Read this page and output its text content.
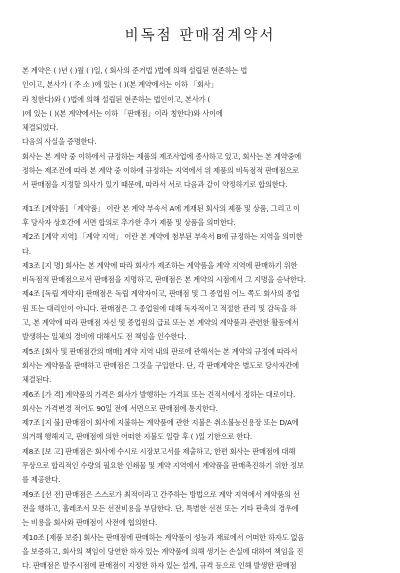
비독점 판매점계약서
본 계약은 ( )년 ( )월 ( )일, ( 회사의 준거법 )법에 의해 설립된 현존하는 법
인이고, 본사가 ( 주 소 )에 있는 ( )(본 계약에서는 이하 「회사」
라 칭한다)와 ( )법에 의해 설립된 현존하는 법인이고, 본사가 (
)에 있는 ( )(본 계약에서는 이하 「판매점」이라 칭한다)와 사이에
체결되었다.
다음의 사실을 증명한다.
회사는 본 계약 중 이하에서 규정하는 제품의 제조사업에 종사하고 있고, 회사는 본 계약중에
정하는 제조건에 따라 본 계약 중 이하에 규정하는 지역에서 위 제품의 비독점적 판매점으로
서 판매점을 지정할 의사가 있기 때문에, 따라서 서로 다음과 같이 약정하기로 합의한다.
제1조 [계약품] 「계약품」 이란 본 계약 부속서 A에 게재된 회사의 제품 및 상품, 그리고 이
후 당사자 상호간에 서면 합의로 추가한 추가 제품 및 상품을 의미한다.
제2조 [계약 지역] 「계약 지역」 이란 본 계약에 첨부된 부속서 B에 규정하는 지역을 의미한
다.
제3조 [지 명] 회사는 본 계약에 따라 회사가 제조하는 계약품을 계약 지역에 판매하기 위한
비독점적 판매점으로서 판매점을 지명하고, 판매점은 본 계약의 시점에서 그 지명을 승낙한다.
제4조 [독립 계약자] 판매점은 독립 계약자이고, 판매점 및 그 종업원 어느 쪽도 회사의 종업
원 또는 대리인이 아니다. 판매점은 그 종업원에 대해 독자적이고 적절한 관리 및 감독을 하
고, 본 계약에 따라 판매점 자신 및 종업원의 급료 또는 본 계약의 계약품과 관련한 활동에서
발생하는 일체의 경비에 대해서도 전 책임을 인수한다.
제5조 [회사 및 판매점간의 매매] 계약 지역 내의 판로에 관해서는 본 계약의 규정에 따라서
회사는 계약품을 판매하고 판매점은 그것을 구입한다. 단, 각 판매계약은 별도로 당사자간에
체결된다.
제6조 [가 격] 계약품의 가격은 회사가 발행하는 가격표 또는 견적서에서 정하는 대로이다.
회사는 가격변경 적어도 90일 전에 서면으로 판매점에 통지한다.
제7조 [지 불] 판매점이 회사에 지불하는 계약품에 관한 지불은 취소불능신용장 또는 D/A에
의거해 행해지고, 판매점에 의한 어떠한 지불도 일람 후 ( )일 기한으로 한다.
제8조 [보 고] 판매점은 회사에 수시로 시장보고서를 제출하고, 한편 회사는 판매점에 대해
무상으로 합리적인 수량의 필요한 인쇄물 및 계약 지역에서 계약품을 판매촉진하기 위한 정보
를 제공한다.
제9조 [선 전] 판매점은 스스로가 최적이라고 간주하는 방법으로 계약 지역에서 계약품의 선
전을 행하고, 훌레조서 모든 선전비용을 부담한다. 단, 특별한 선전 또는 기타 판촉의 경우에
는 비용을 회사와 판매점이 사전에 협의한다.
제10조 [제품 보증] 회사는 판매점에 판매하는 계약품이 성능과 재료에서 어떠한 하자도 없음
을 보증하고, 회사의 책임이 당연한 하자 있는 계약품에 의해 생기는 손실에 대하여 책임을 진
다. 판매점은 발주시점에 판매점이 지정한 하자 있는 설계, 규격 등으로 인해 발생한 판매점
